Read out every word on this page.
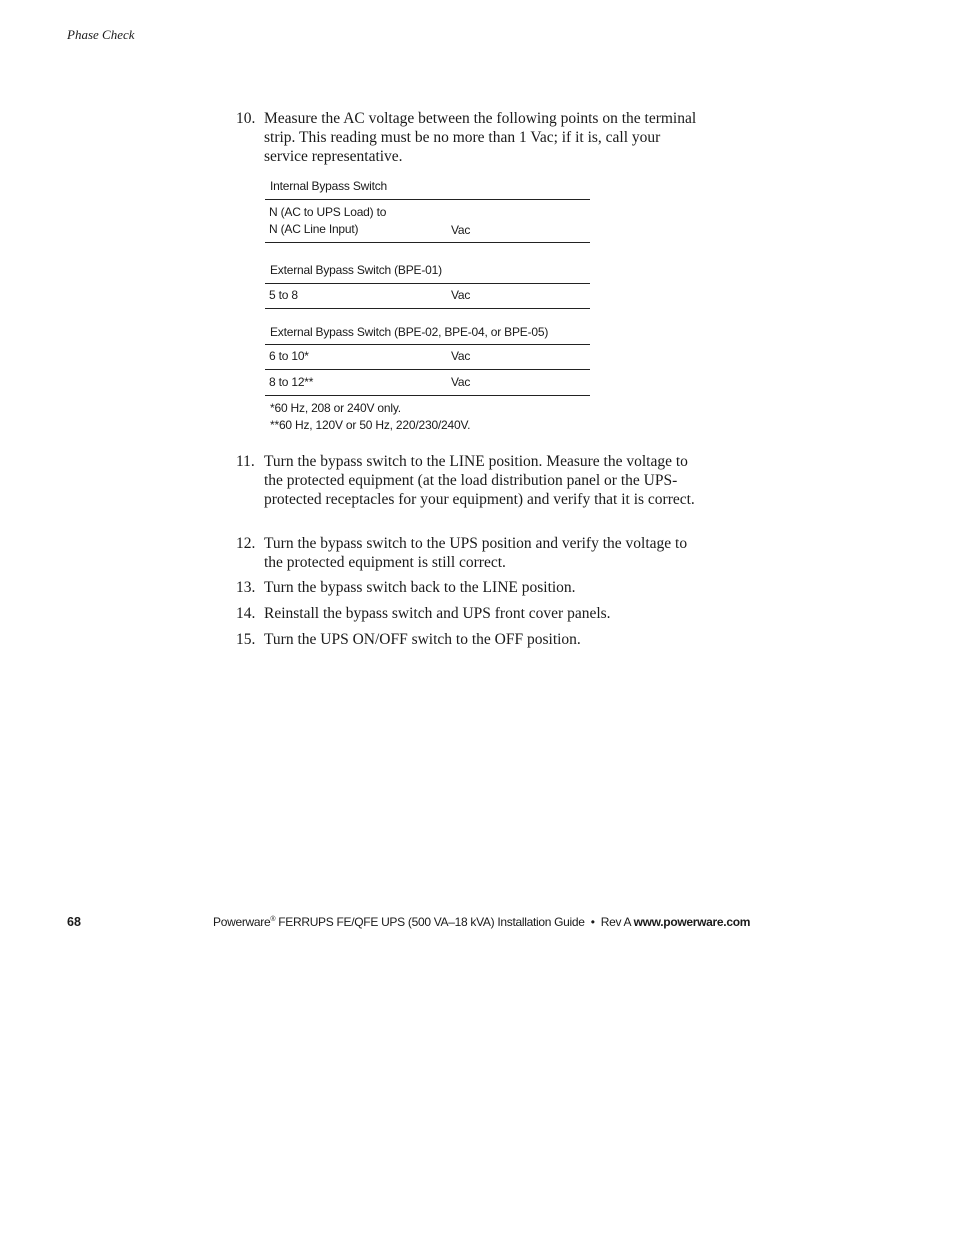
Phase Check
10. Measure the AC voltage between the following points on the terminal strip. This reading must be no more than 1 Vac; if it is, call your service representative.
Internal Bypass Switch
N (AC to UPS Load) to
N (AC Line Input)	Vac
External Bypass Switch (BPE-01)
5 to 8	Vac
External Bypass Switch (BPE-02, BPE-04, or BPE-05)
6 to 10*	Vac
8 to 12**	Vac
*60 Hz, 208 or 240V only.
**60 Hz, 120V or 50 Hz, 220/230/240V.
11. Turn the bypass switch to the LINE position. Measure the voltage to the protected equipment (at the load distribution panel or the UPS-protected receptacles for your equipment) and verify that it is correct.
12. Turn the bypass switch to the UPS position and verify the voltage to the protected equipment is still correct.
13. Turn the bypass switch back to the LINE position.
14. Reinstall the bypass switch and UPS front cover panels.
15. Turn the UPS ON/OFF switch to the OFF position.
68	Powerware® FERRUPS FE/QFE UPS (500 VA–18 kVA) Installation Guide  •  Rev A www.powerware.com
